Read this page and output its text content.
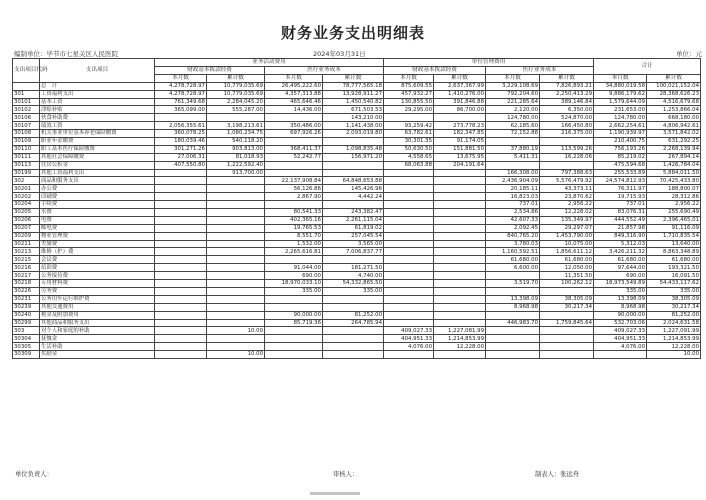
财务业务支出明细表
编制单位：毕节市七星关区人民医院	2024年03月31日	单位：元
支出项目代码	支出项目	业务活动费用				单位管理费用				合计	
		财政基本拨款经费		医疗业务成本		财政基本拨款经费		医疗业务成本			
		本月数	累计数	本月数	累计数	本月数	累计数	本月数	累计数	本月数	累计数
	总　计	4,278,728.97	10,779,035.69	26,495,222.60	78,777,565.18	875,609.55	2,637,367.99	3,229,108.69	7,826,893.21	34,880,019.58	100,021,152.04
301	工资福利支出	4,278,728.97	10,779,035.69	4,357,313.88	13,928,911.27	457,932.27	1,410,276.00	792,204.60	2,250,413.29	9,886,179.62	28,368,626.23
30101	基本工资	761,349.68	2,284,045.20	465,646.46	1,450,540.82	130,855.50	391,846.88	221,285.64	389,146.84	1,579,644.09	4,516,679.68
30102	津贴补贴	365,099.00	555,287.00	14,436.00	671,503.53	29,295.00	86,700.00	2,120.00	6,350.00	231,653.00	1,253,866.04
30106	伙食补助费				143,210.00			124,780.00	524,870.00	124,780.00	668,180.00
30107	绩效工资	2,056,355.61	3,198,213.61	350,486.00	1,141,438.00	93,259.42	273,778.23	62,185.60	166,450.80	2,662,254.61	4,806,942.61
30108	机关事业单位基本养老保险缴费	360,078.25	1,080,234.75	697,926.26	2,093,019.80	63,782.61	182,347.85	72,152.88	216,375.00	1,190,939.97	3,571,842.02
30109	职业年金缴费	180,039.46	540,118.20			30,301.35	91,174.05			210,400.75	631,292.25
30110	职工基本医疗保险缴费	301,271.26	903,813.00	368,411.37	1,098,835.48	50,630.50	151,881.50	37,880.19	113,599.26	756,193.26	2,268,139.94
30111	其他社会保障缴费	27,006.31	81,018.93	52,242.77	156,971.20	4,558.65	13,675.95	5,411.31	16,228.06	85,219.02	267,894.14
30113	住房公积金	407,550.80	1,222,592.40			68,063.88	204,191.64			475,594.68	1,426,784.04
30199	其他工资福利支出		913,700.00					166,308.00	797,388.63	255,533.89	5,884,011.50
302	商品和服务支出			22,137,908.84	64,848,653.88			2,436,904.09	5,576,479.92	24,574,812.93	70,425,433.80
30201	办公费			56,126.86	145,426.96			20,185.11	43,373.11	76,311.97	188,800.07
30202	印刷费			2,867.90	4,442.24			16,823.03	23,870.62	19,715.93	28,312.86
30204	手续费							737.01	2,956.22	737.01	2,956.22
30205	水费			80,541.33	243,382.47			2,534.86	12,228.02	83,076.31	255,690.49
30206	电费			402,365.16	2,261,115.04			42,607.33	135,349.97	444,552.49	2,396,465.01
30207	邮电费			19,765.53	61,819.02			2,092.45	29,297.07	21,857.98	91,116.09
30209	物业管理费			8,551.70	257,045.54			840,765.20	1,453,790.00	849,316.90	1,710,835.54
30211	差旅费			1,532.00	3,565.00			3,780.03	10,075.00	5,312.03	13,640.00
30213	维修（护）费			2,265,616.81	7,006,837.77			1,160,592.51	1,856,611.12	3,426,211.32	8,863,348.89
30215	会议费							61,680.00	61,680.00	61,680.00	61,680.00
30216	培训费			91,044.00	181,271.50			6,600.00	12,050.00	97,644.00	193,321.50
30217	公务接待费			690.00	4,740.00				11,351.50	690.00	16,091.50
30218	专用材料费			18,970,033.10	54,332,865.50			3,519.70	100,262.12	18,973,549.89	54,433,117.62
30226	劳务费			335.00	335.00					335.00	335.00
30231	公务用车运行维护费							13,398.09	38,305.09	13,398.09	38,305.09
30239	其他交通费用							8,968.98	30,217.34	8,968.98	30,217.34
30240	税金及附加费用			90,000.00	81,252.00					90,000.00	81,252.00
30299	其他商品和服务支出			85,719.36	264,785.94			446,983.70	1,759,845.64	532,703.06	2,024,631.58
303	对个人和家庭的补助		10.00			409,027.33	1,227,081.99			409,027.33	1,227,091.99
30304	抚恤金					404,951.33	1,214,853.99			404,951.33	1,214,853.99
30305	生活补助					4,076.00	12,228.00			4,076.00	12,228.00
30309	奖励金		10.00								10.00
单位负责人：	审核人：	制表人：张远舟
